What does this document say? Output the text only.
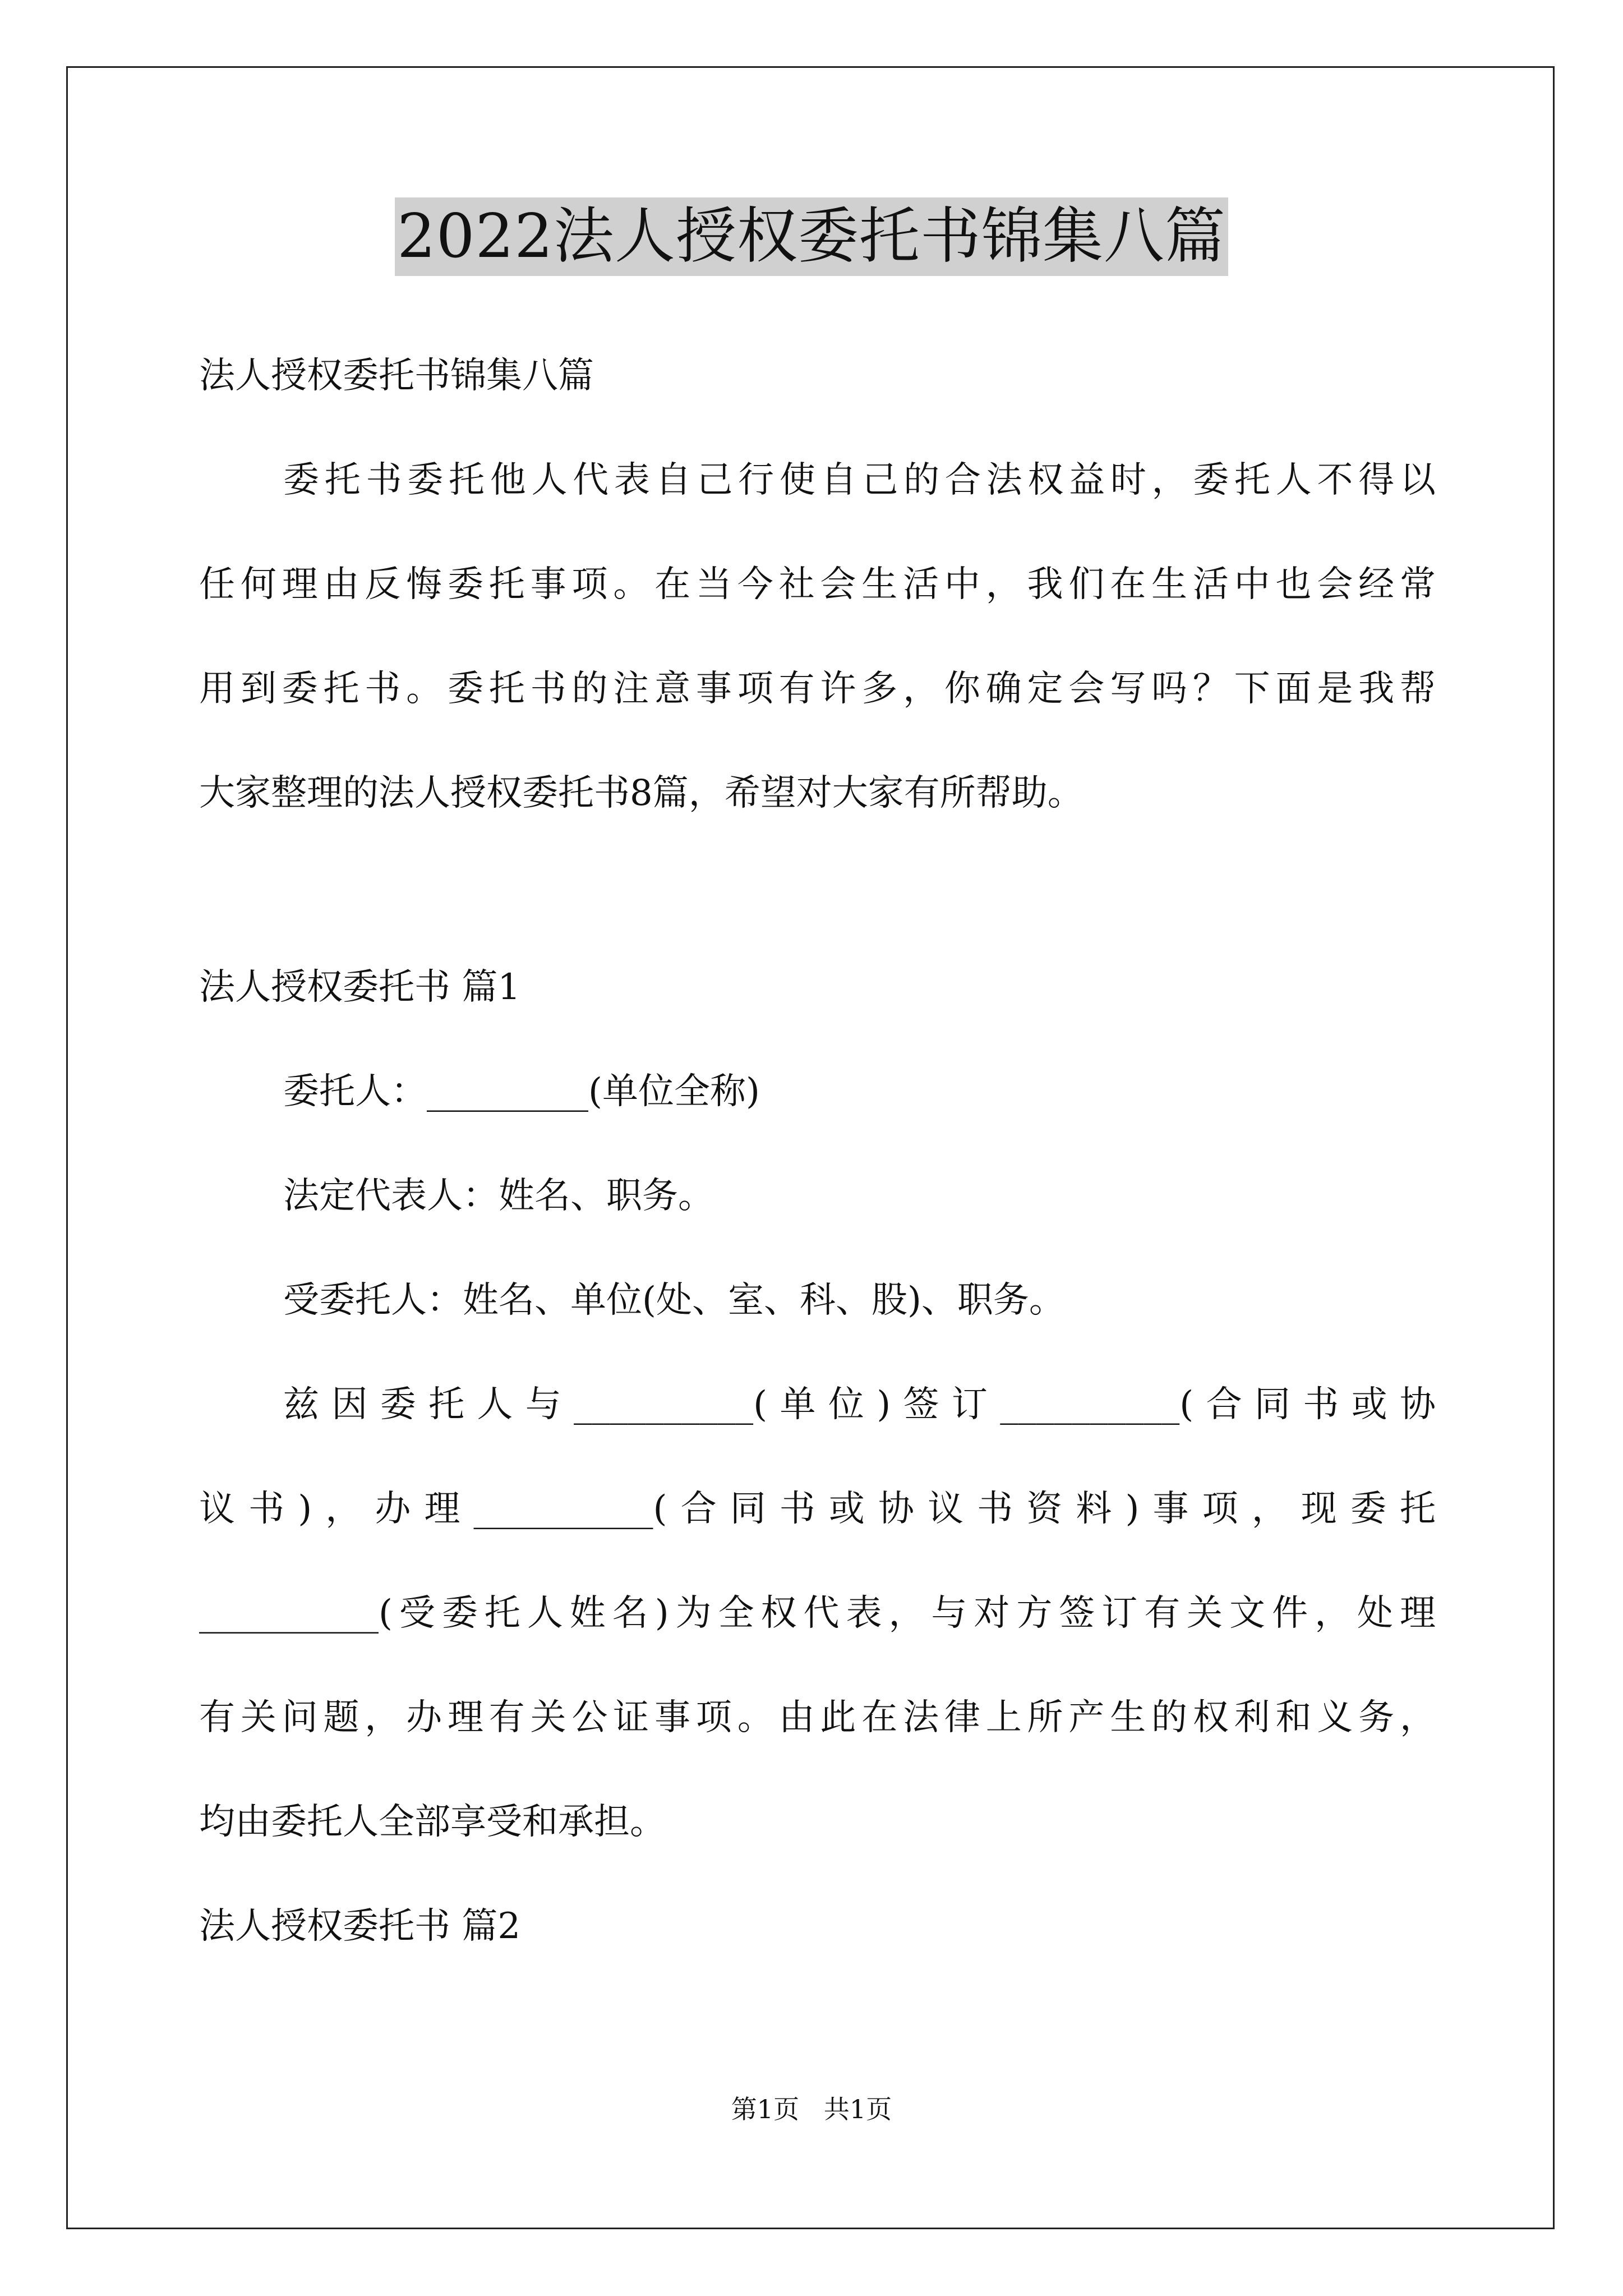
2022法人授权委托书锦集八篇
法人授权委托书锦集八篇
委托书委托他人代表自己行使自己的合法权益时，委托人不得以
任何理由反悔委托事项。在当今社会生活中，我们在生活中也会经常
用到委托书。委托书的注意事项有许多，你确定会写吗？下面是我帮
大家整理的法人授权委托书8篇，希望对大家有所帮助。
法人授权委托书 篇1
委托人：_________(单位全称)
法定代表人：姓名、职务。
受委托人：姓名、单位(处、室、科、股)、职务。
兹因委托人与__________(单位)签订__________(合同书或协
议书)，办理__________(合同书或协议书资料)事项，现委托
__________(受委托人姓名)为全权代表，与对方签订有关文件，处理
有关问题，办理有关公证事项。由此在法律上所产生的权利和义务，
均由委托人全部享受和承担。
法人授权委托书 篇2
第1页   共1页
